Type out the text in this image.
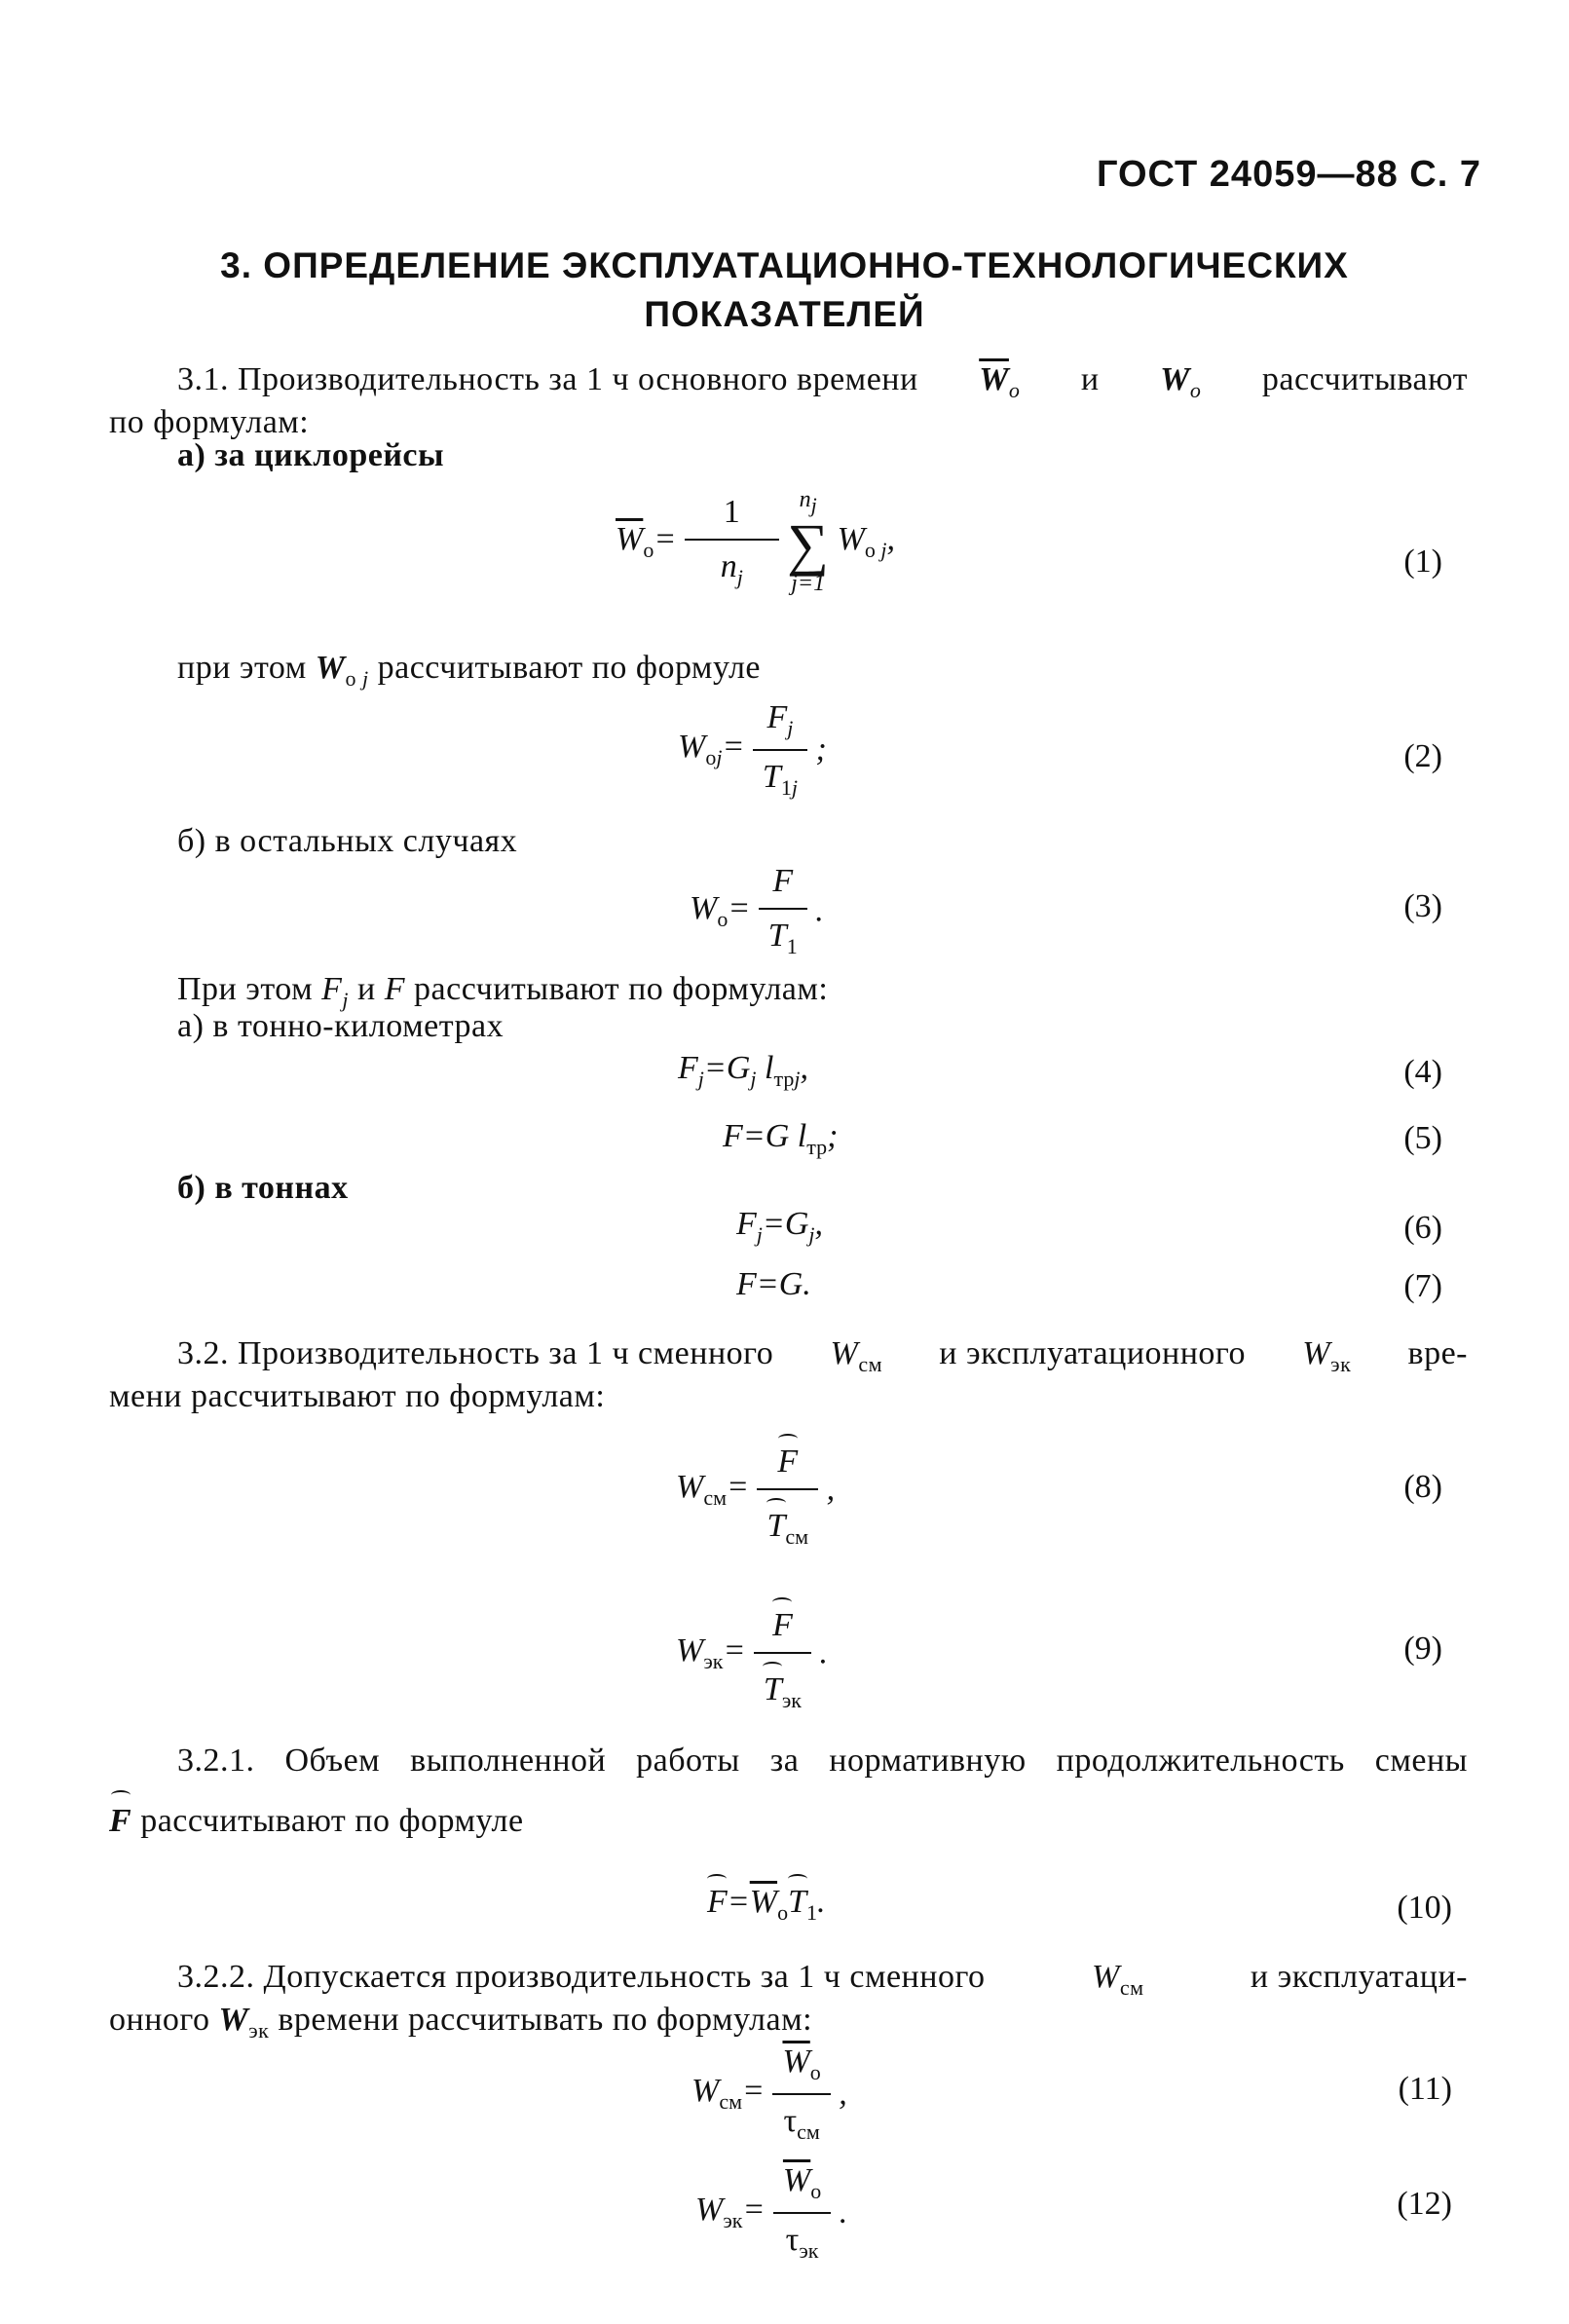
ГОСТ 24059—88 С. 7
3. ОПРЕДЕЛЕНИЕ ЭКСПЛУАТАЦИОННО-ТЕХНОЛОГИЧЕСКИХ
ПОКАЗАТЕЛЕЙ
3.1. Производительность за 1 ч основного времени $\overline{W}_о$ и $W_о$ рассчитывают
по формулам:
а) за циклорейсы
$\overline{W}_о= \frac{1}{n_j}$
$n_j$
∑
j=1
$W_{о j}$,
(1)
при этом $W_{о j}$ рассчитывают по формуле
$W_{оj}= \frac{F_j}{T_{1j}}$ ;	(2)
б) в остальных случаях
$W_о= \frac{F}{T_1}$ .	(3)
При этом $F_j$ и F рассчитывают по формулам:
а) в тонно-километрах
$F_j=G_j$ $l_{трj}$,	(4)
F=G $l_{тр}$;	(5)
б) в тоннах
$F_j=G_j$,	(6)
F=G.	(7)
3.2. Производительность за 1 ч сменного $W_{см}$ и эксплуатационного $W_{эк}$ вре-
мени рассчитывают по формулам:
$W_{см}= \frac{F}{T_{см}}$ ,	(8)
$W_{эк}= \frac{F}{T_{эк}}$ .	(9)
3.2.1. Объем выполненной работы за нормативную продолжительность смены
F рассчитывают по формуле
$F=\overline{W}_оT_1$.	(10)
3.2.2. Допускается производительность за 1 ч сменного	$W_{см}$	и эксплуатаци-
онного $W_{эк}$ времени рассчитывать по формулам:
$W_{см}= \frac{\overline{W}_о}{\tau_{см}}$ ,	(11)
$W_{эк}= \frac{\overline{W}_о}{\tau_{эк}}$ .	(12)
